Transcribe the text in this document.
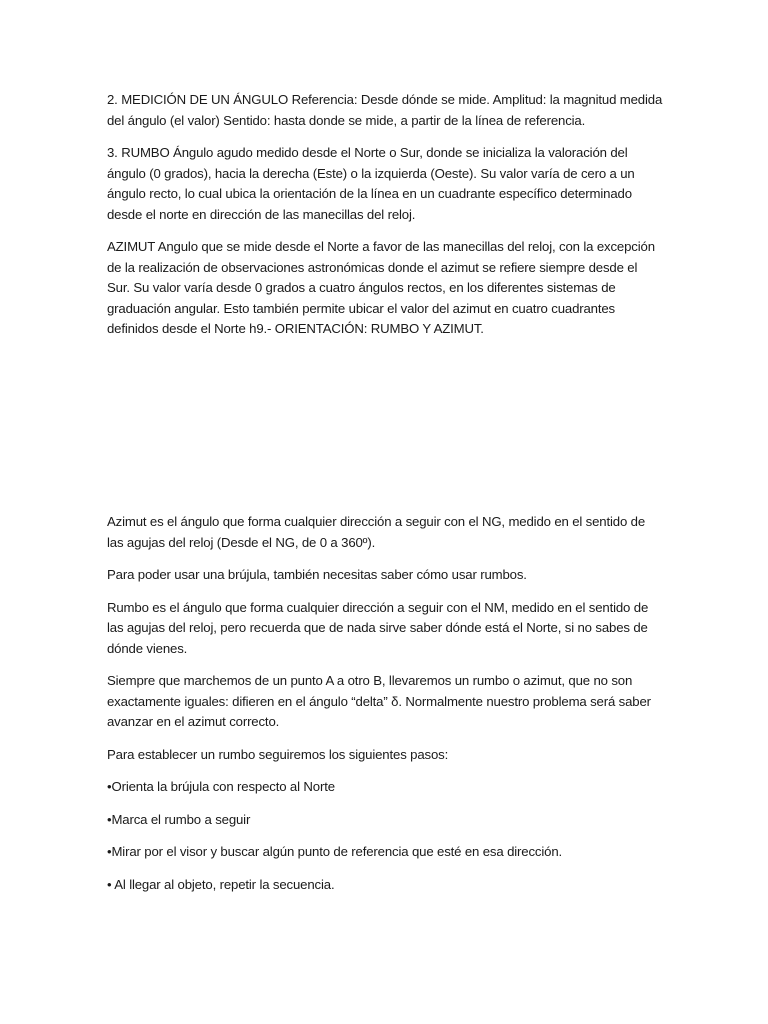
2. MEDICIÓN DE UN ÁNGULO Referencia: Desde dónde se mide. Amplitud: la magnitud medida del ángulo (el valor) Sentido: hasta donde se mide, a partir de la línea de referencia.

3. RUMBO Ángulo agudo medido desde el Norte o Sur, donde se inicializa la valoración del ángulo (0 grados), hacia la derecha (Este) o la izquierda (Oeste). Su valor varía de cero a un ángulo recto, lo cual ubica la orientación de la línea en un cuadrante específico determinado desde el norte en dirección de las manecillas del reloj.

AZIMUT Angulo que se mide desde el Norte a favor de las manecillas del reloj, con la excepción de la realización de observaciones astronómicas donde el azimut se refiere siempre desde el Sur. Su valor varía desde 0 grados a cuatro ángulos rectos, en los diferentes sistemas de graduación angular. Esto también permite ubicar el valor del azimut en cuatro cuadrantes definidos desde el Norte h9.- ORIENTACIÓN: RUMBO Y AZIMUT.

Azimut es el ángulo que forma cualquier dirección a seguir con el NG, medido en el sentido de las agujas del reloj (Desde el NG, de 0 a 360º).

Para poder usar una brújula, también necesitas saber cómo usar rumbos.

Rumbo es el ángulo que forma cualquier dirección a seguir con el NM, medido en el sentido de las agujas del reloj, pero recuerda que de nada sirve saber dónde está el Norte, si no sabes de dónde vienes.

Siempre que marchemos de un punto A a otro B, llevaremos un rumbo o azimut, que no son exactamente iguales: difieren en el ángulo “delta” δ. Normalmente nuestro problema será saber avanzar en el azimut correcto.

Para establecer un rumbo seguiremos los siguientes pasos:

•Orienta la brújula con respecto al Norte

•Marca el rumbo a seguir

•Mirar por el visor y buscar algún punto de referencia que esté en esa dirección.

• Al llegar al objeto, repetir la secuencia.
